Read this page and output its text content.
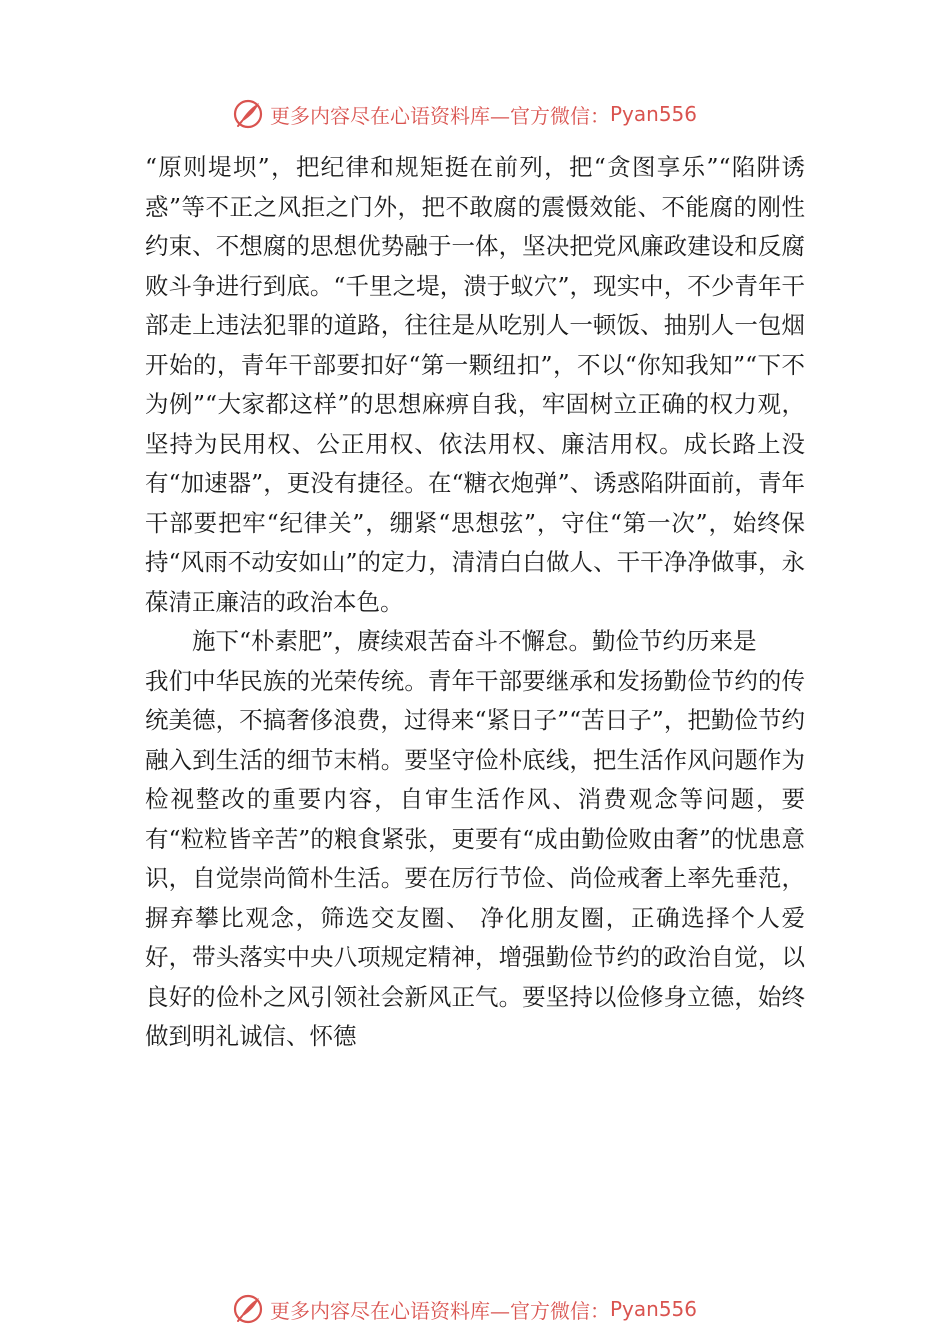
更多内容尽在心语资料库—官方微信： Pyan556

“原则堤坝”，把纪律和规矩挺在前列，把“贪图享乐”“陷阱诱惑”等不正之风拒之门外，把不敢腐的震慑效能、不能腐的刚性约束、不想腐的思想优势融于一体，坚决把党风廉政建设和反腐败斗争进行到底。“千里之堤，溃于蚁穴”，现实中，不少青年干部走上违法犯罪的道路，往往是从吃别人一顿饭、抽别人一包烟开始的，青年干部要扣好“第一颗纽扣”，不以“你知我知”“下不为例”“大家都这样”的思想麻痹自我，牢固树立正确的权力观，坚持为民用权、公正用权、依法用权、廉洁用权。成长路上没有“加速器”，更没有捷径。在“糖衣炮弹”、诱惑陷阱面前，青年干部要把牢“纪律关”，绷紧“思想弦”，守住“第一次”，始终保持“风雨不动安如山”的定力，清清白白做人、干干净净做事，永葆清正廉洁的政治本色。

施下“朴素肥”，赓续艰苦奋斗不懈怠。勤俭节约历来是

我们中华民族的光荣传统。青年干部要继承和发扬勤俭节约的传统美德，不搞奢侈浪费，过得来“紧日子”“苦日子”，把勤俭节约融入到生活的细节末梢。要坚守俭朴底线，把生活作风问题作为检视整改的重要内容，自审生活作风、消费观念等问题，要有“粒粒皆辛苦”的粮食紧张，更要有“成由勤俭败由奢”的忧患意识，自觉崇尚简朴生活。要在厉行节俭、尚俭戒奢上率先垂范，摒弃攀比观念，筛选交友圈、 净化朋友圈，正确选择个人爱好，带头落实中央八项规定精神，增强勤俭节约的政治自觉，以良好的俭朴之风引领社会新风正气。要坚持以俭修身立德，始终做到明礼诚信、怀德

更多内容尽在心语资料库—官方微信： Pyan556
